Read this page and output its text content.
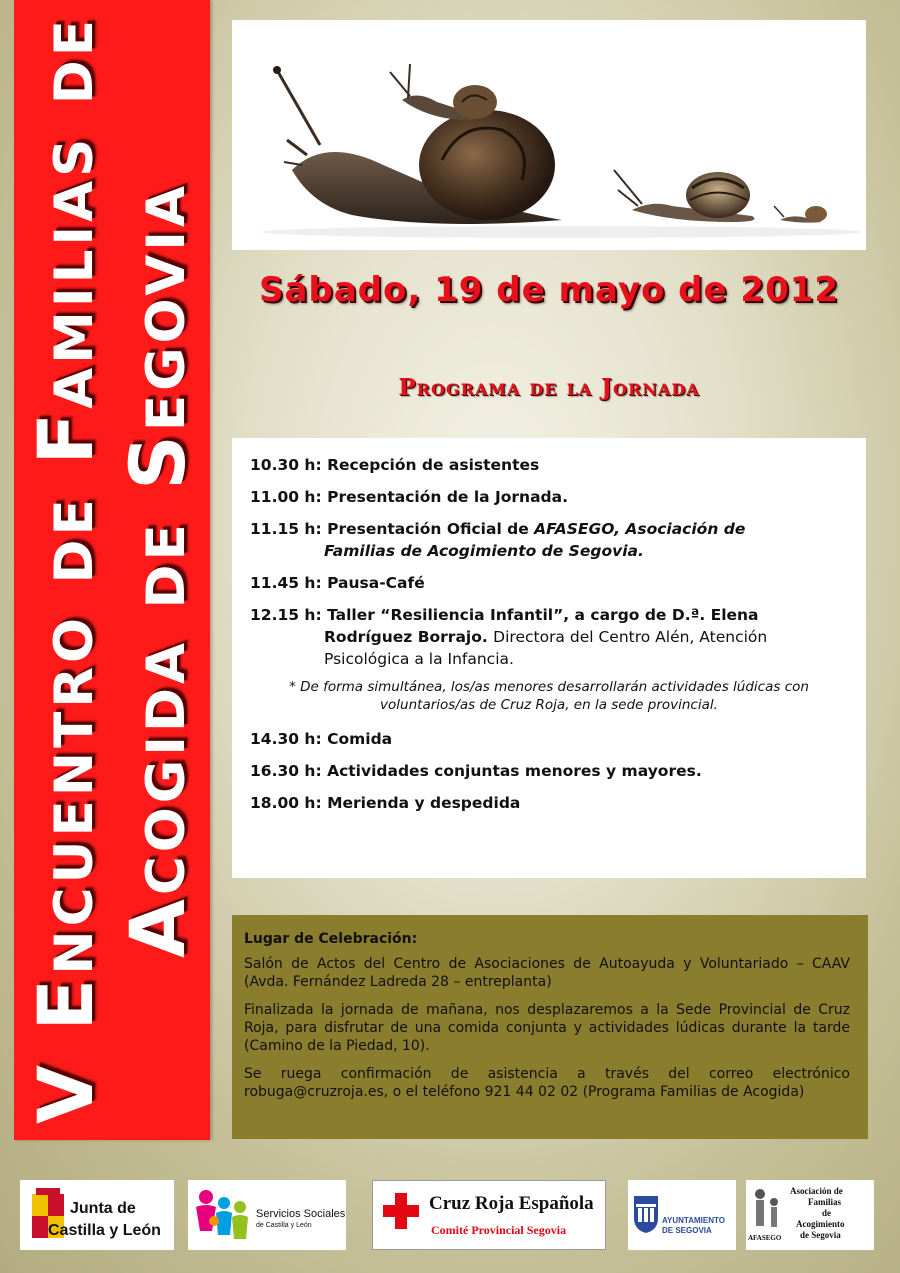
V Encuentro de Familias de Acogida de Segovia	Sábado, 19 de mayo de 2012
Programa de la Jornada
10.30 h: Recepción de asistentes
11.00 h: Presentación de la Jornada.
11.15 h: Presentación Oficial de AFASEGO, Asociación de
Familias de Acogimiento de Segovia.
11.45 h: Pausa-Café
12.15 h: Taller “Resiliencia Infantil”, a cargo de D.ª. Elena
Rodríguez Borrajo. Directora del Centro Alén, Atención
Psicológica a la Infancia.
* De forma simultánea, los/as menores desarrollarán actividades lúdicas con
voluntarios/as de Cruz Roja, en la sede provincial.
14.30 h: Comida
16.30 h: Actividades conjuntas menores y mayores.
18.00 h: Merienda y despedida
Lugar de Celebración:

Salón de Actos del Centro de Asociaciones de Autoayuda y Voluntariado – CAAV (Avda. Fernández Ladreda 28 – entreplanta)

Finalizada la jornada de mañana, nos desplazaremos a la Sede Provincial de Cruz Roja, para disfrutar de una comida conjunta y actividades lúdicas durante la tarde (Camino de la Piedad, 10).

Se ruega confirmación de asistencia a través del correo electrónico robuga@cruzroja.es, o el teléfono 921 44 02 02 (Programa Familias de Acogida)

Junta de
Castilla y León
Servicios Sociales
de Castilla y León
Cruz Roja Española
Comité Provincial Segovia
AYUNTAMIENTO
DE SEGOVIA
AFASEGO
Asociación de
Familias
de
Acogimiento
de Segovia
